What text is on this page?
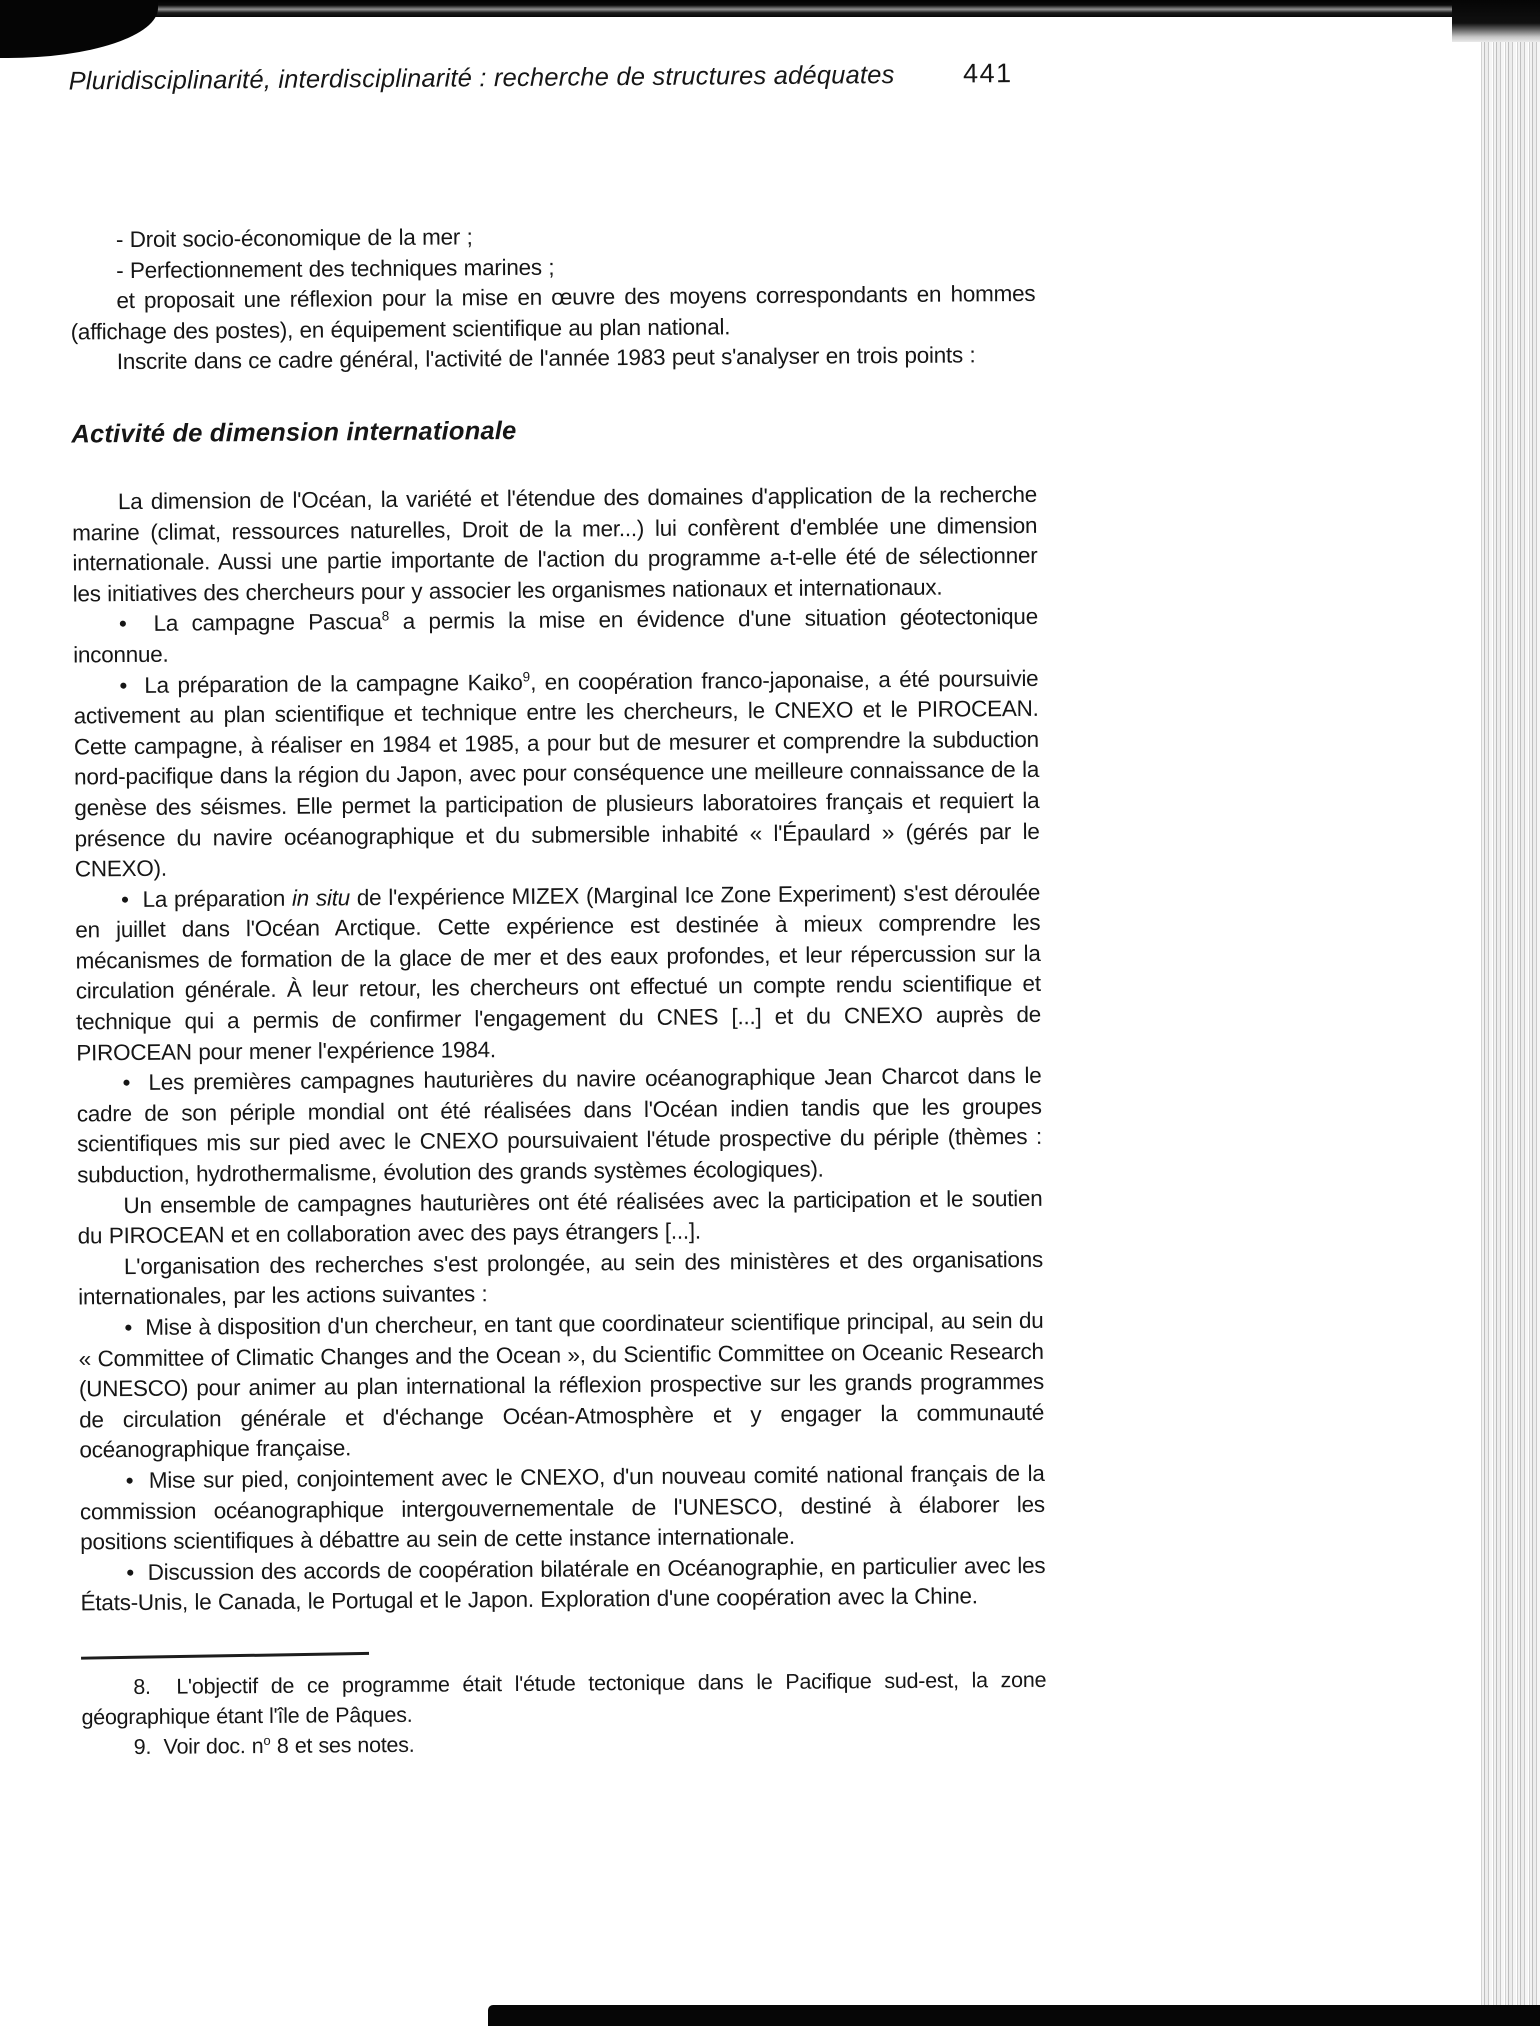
Pluridisciplinarité, interdisciplinarité : recherche de structures adéquates	441

- Droit socio-économique de la mer ;

- Perfectionnement des techniques marines ;

et proposait une réflexion pour la mise en œuvre des moyens correspondants en hommes (affichage des postes), en équipement scientifique au plan national.

Inscrite dans ce cadre général, l'activité de l'année 1983 peut s'analyser en trois points :

Activité de dimension internationale

La dimension de l'Océan, la variété et l'étendue des domaines d'application de la recherche marine (climat, ressources naturelles, Droit de la mer...) lui confèrent d'emblée une dimension internationale. Aussi une partie importante de l'action du programme a-t-elle été de sélectionner les initiatives des chercheurs pour y associer les organismes nationaux et internationaux.

•  La campagne Pascua$^8$ a permis la mise en évidence d'une situation géotectonique inconnue.

•  La préparation de la campagne Kaiko$^9$, en coopération franco-japonaise, a été poursuivie activement au plan scientifique et technique entre les chercheurs, le CNEXO et le PIROCEAN. Cette campagne, à réaliser en 1984 et 1985, a pour but de mesurer et comprendre la subduction nord-pacifique dans la région du Japon, avec pour conséquence une meilleure connaissance de la genèse des séismes. Elle permet la participation de plusieurs laboratoires français et requiert la présence du navire océanographique et du submersible inhabité « l'Épaulard » (gérés par le CNEXO).

•  La préparation in situ de l'expérience MIZEX (Marginal Ice Zone Experiment) s'est déroulée en juillet dans l'Océan Arctique. Cette expérience est destinée à mieux comprendre les mécanismes de formation de la glace de mer et des eaux profondes, et leur répercussion sur la circulation générale. À leur retour, les chercheurs ont effectué un compte rendu scientifique et technique qui a permis de confirmer l'engagement du CNES [...] et du CNEXO auprès de PIROCEAN pour mener l'expérience 1984.

•  Les premières campagnes hauturières du navire océanographique Jean Charcot dans le cadre de son périple mondial ont été réalisées dans l'Océan indien tandis que les groupes scientifiques mis sur pied avec le CNEXO poursuivaient l'étude prospective du périple (thèmes : subduction, hydrothermalisme, évolution des grands systèmes écologiques).

Un ensemble de campagnes hauturières ont été réalisées avec la participation et le soutien du PIROCEAN et en collaboration avec des pays étrangers [...].

L'organisation des recherches s'est prolongée, au sein des ministères et des organisations internationales, par les actions suivantes :

•  Mise à disposition d'un chercheur, en tant que coordinateur scientifique principal, au sein du « Committee of Climatic Changes and the Ocean », du Scientific Committee on Oceanic Research (UNESCO) pour animer au plan international la réflexion prospective sur les grands programmes de circulation générale et d'échange Océan-Atmosphère et y engager la communauté océanographique française.

•  Mise sur pied, conjointement avec le CNEXO, d'un nouveau comité national français de la commission océanographique intergouvernementale de l'UNESCO, destiné à élaborer les positions scientifiques à débattre au sein de cette instance internationale.

•  Discussion des accords de coopération bilatérale en Océanographie, en particulier avec les États-Unis, le Canada, le Portugal et le Japon. Exploration d'une coopération avec la Chine.

8.  L'objectif de ce programme était l'étude tectonique dans le Pacifique sud-est, la zone géographique étant l'île de Pâques.

9.  Voir doc. $n^o$ 8 et ses notes.
